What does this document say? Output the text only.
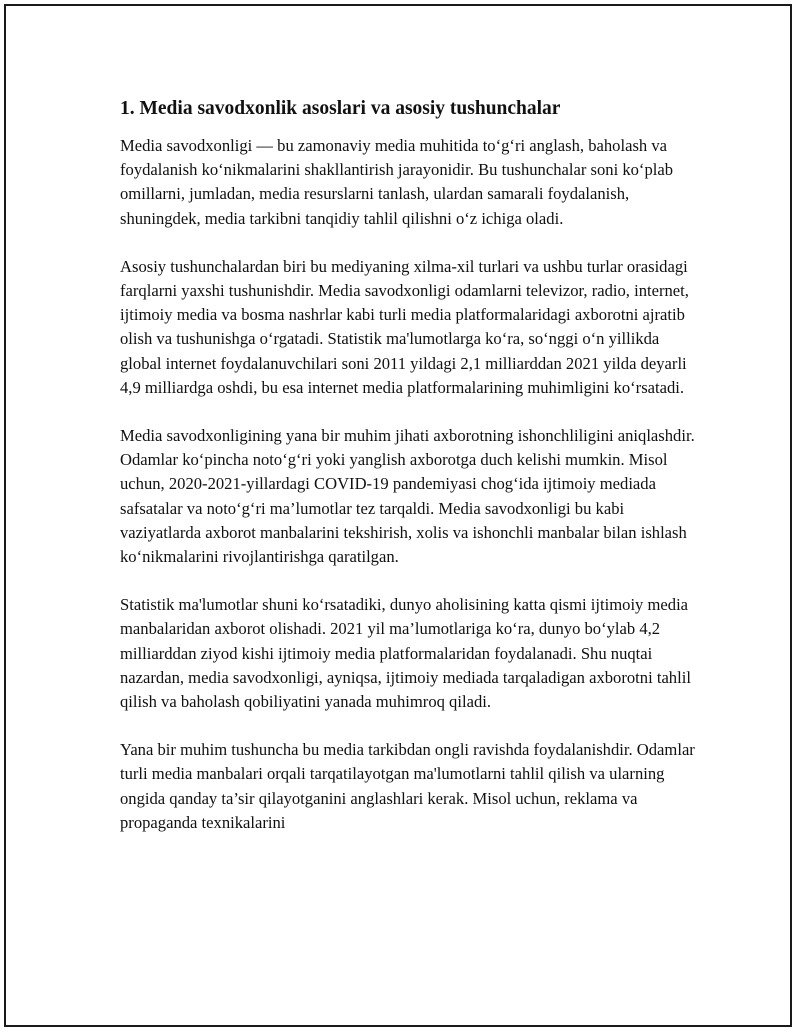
1. Media savodxonlik asoslari va asosiy tushunchalar

Media savodxonligi — bu zamonaviy media muhitida to‘g‘ri anglash, baholash va foydalanish ko‘nikmalarini shakllantirish jarayonidir. Bu tushunchalar soni ko‘plab omillarni, jumladan, media resurslarni tanlash, ulardan samarali foydalanish, shuningdek, media tarkibni tanqidiy tahlil qilishni o‘z ichiga oladi.

Asosiy tushunchalardan biri bu mediyaning xilma-xil turlari va ushbu turlar orasidagi farqlarni yaxshi tushunishdir. Media savodxonligi odamlarni televizor, radio, internet, ijtimoiy media va bosma nashrlar kabi turli media platformalaridagi axborotni ajratib olish va tushunishga o‘rgatadi. Statistik ma'lumotlarga ko‘ra, so‘nggi o‘n yillikda global internet foydalanuvchilari soni 2011 yildagi 2,1 milliarddan 2021 yilda deyarli 4,9 milliardga oshdi, bu esa internet media platformalarining muhimligini ko‘rsatadi.

Media savodxonligining yana bir muhim jihati axborotning ishonchliligini aniqlashdir. Odamlar ko‘pincha noto‘g‘ri yoki yanglish axborotga duch kelishi mumkin. Misol uchun, 2020-2021-yillardagi COVID-19 pandemiyasi chog‘ida ijtimoiy mediada safsatalar va noto‘g‘ri ma’lumotlar tez tarqaldi. Media savodxonligi bu kabi vaziyatlarda axborot manbalarini tekshirish, xolis va ishonchli manbalar bilan ishlash ko‘nikmalarini rivojlantirishga qaratilgan.

Statistik ma'lumotlar shuni ko‘rsatadiki, dunyo aholisining katta qismi ijtimoiy media manbalaridan axborot olishadi. 2021 yil ma’lumotlariga ko‘ra, dunyo bo‘ylab 4,2 milliarddan ziyod kishi ijtimoiy media platformalaridan foydalanadi. Shu nuqtai nazardan, media savodxonligi, ayniqsa, ijtimoiy mediada tarqaladigan axborotni tahlil qilish va baholash qobiliyatini yanada muhimroq qiladi.

Yana bir muhim tushuncha bu media tarkibdan ongli ravishda foydalanishdir. Odamlar turli media manbalari orqali tarqatilayotgan ma'lumotlarni tahlil qilish va ularning ongida qanday ta’sir qilayotganini anglashlari kerak. Misol uchun, reklama va propaganda texnikalarini
